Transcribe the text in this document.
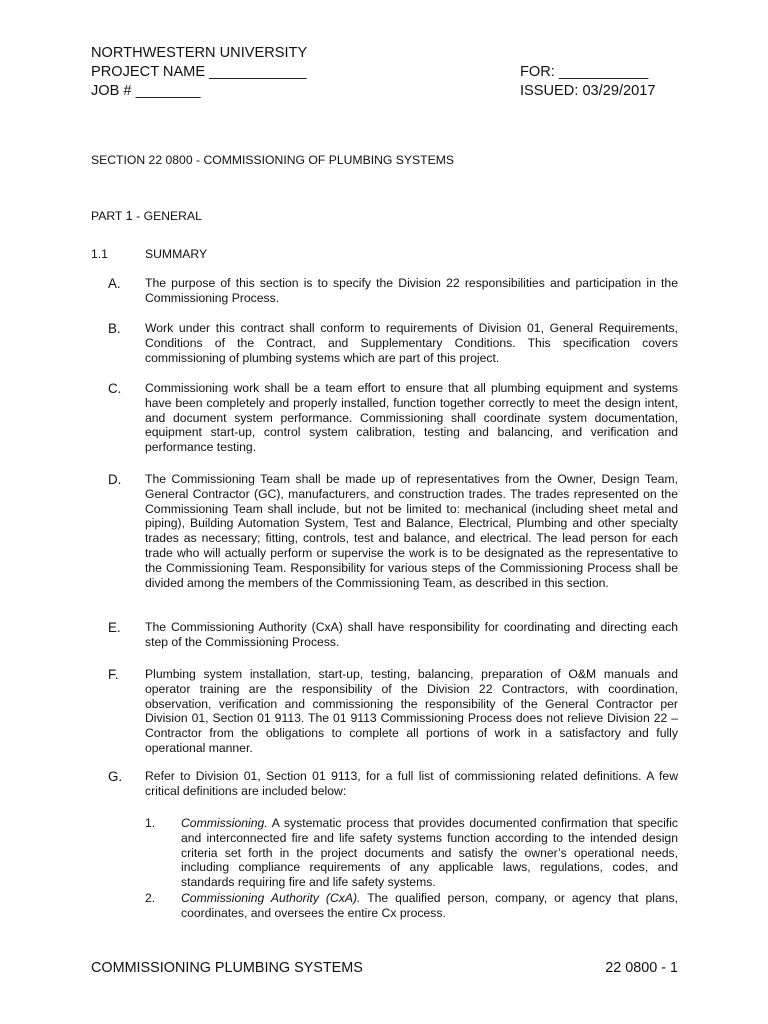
NORTHWESTERN UNIVERSITY
PROJECT NAME ____________	FOR: ___________
JOB # ________	ISSUED: 03/29/2017
SECTION 22 0800 - COMMISSIONING OF PLUMBING SYSTEMS
PART 1 - GENERAL
1.1	SUMMARY
A. The purpose of this section is to specify the Division 22 responsibilities and participation in the Commissioning Process.
B. Work under this contract shall conform to requirements of Division 01, General Requirements, Conditions of the Contract, and Supplementary Conditions. This specification covers commissioning of plumbing systems which are part of this project.
C. Commissioning work shall be a team effort to ensure that all plumbing equipment and systems have been completely and properly installed, function together correctly to meet the design intent, and document system performance. Commissioning shall coordinate system documentation, equipment start-up, control system calibration, testing and balancing, and verification and performance testing.
D. The Commissioning Team shall be made up of representatives from the Owner, Design Team, General Contractor (GC), manufacturers, and construction trades. The trades represented on the Commissioning Team shall include, but not be limited to: mechanical (including sheet metal and piping), Building Automation System, Test and Balance, Electrical, Plumbing and other specialty trades as necessary; fitting, controls, test and balance, and electrical. The lead person for each trade who will actually perform or supervise the work is to be designated as the representative to the Commissioning Team. Responsibility for various steps of the Commissioning Process shall be divided among the members of the Commissioning Team, as described in this section.
E. The Commissioning Authority (CxA) shall have responsibility for coordinating and directing each step of the Commissioning Process.
F. Plumbing system installation, start-up, testing, balancing, preparation of O&M manuals and operator training are the responsibility of the Division 22 Contractors, with coordination, observation, verification and commissioning the responsibility of the General Contractor per Division 01, Section 01 9113. The 01 9113 Commissioning Process does not relieve Division 22 – Contractor from the obligations to complete all portions of work in a satisfactory and fully operational manner.
G. Refer to Division 01, Section 01 9113, for a full list of commissioning related definitions. A few critical definitions are included below:
1. Commissioning. A systematic process that provides documented confirmation that specific and interconnected fire and life safety systems function according to the intended design criteria set forth in the project documents and satisfy the owner’s operational needs, including compliance requirements of any applicable laws, regulations, codes, and standards requiring fire and life safety systems.
2. Commissioning Authority (CxA). The qualified person, company, or agency that plans, coordinates, and oversees the entire Cx process.
COMMISSIONING PLUMBING SYSTEMS	22 0800 - 1
